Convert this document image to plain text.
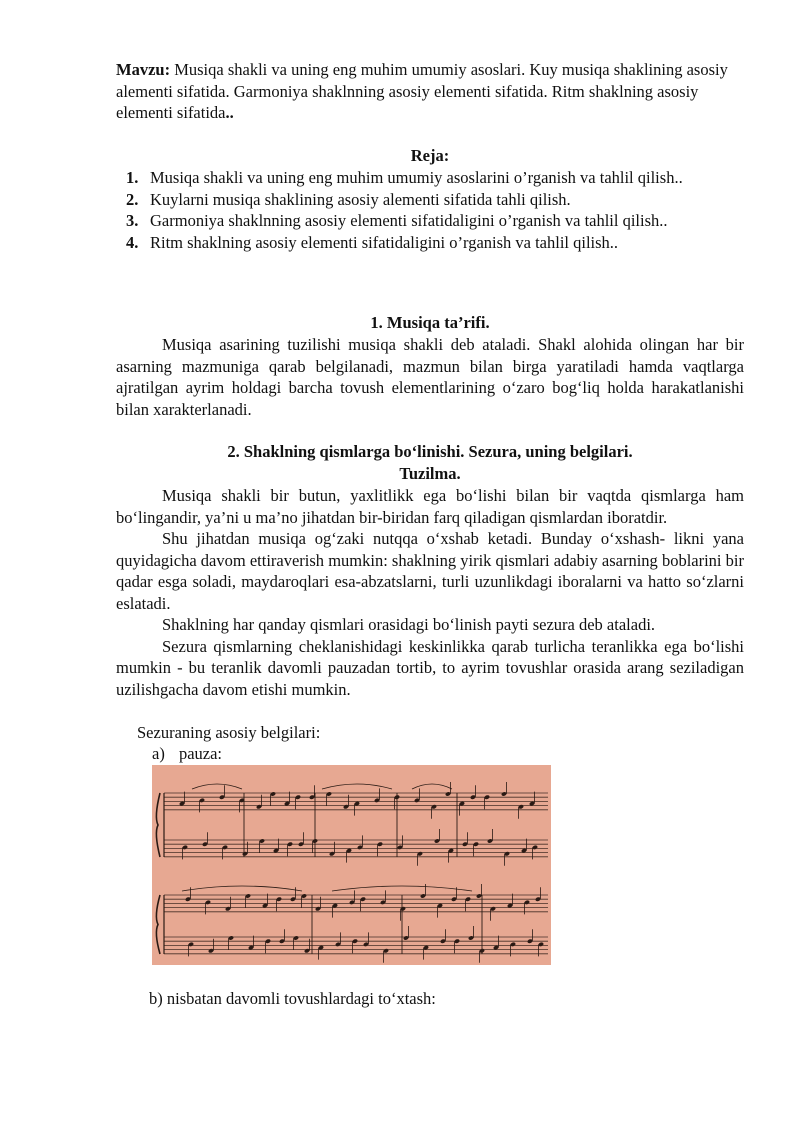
Mavzu: Musiqa shakli va uning eng muhim umumiy asoslari. Kuy musiqa shaklining asosiy alementi sifatida. Garmoniya shaklnning asosiy elementi sifatida. Ritm shaklning asosiy elementi sifatida..
Reja:
1. Musiqa shakli va uning eng muhim umumiy asoslarini o’rganish va tahlil qilish..
2. Kuylarni musiqa shaklining asosiy alementi sifatida tahli qilish.
3. Garmoniya shaklnning asosiy elementi sifatidaligini o’rganish va tahlil qilish..
4. Ritm shaklning asosiy elementi sifatidaligini o’rganish va tahlil qilish..
1. Musiqa ta’rifi.

Musiqa asarining tuzilishi musiqa shakli deb ataladi. Shakl alohida olingan har bir asarning mazmuniga qarab belgilanadi, mazmun bilan birga yaratiladi hamda vaqtlarga ajratilgan ayrim holdagi barcha tovush elementlarining o‘zaro bog‘liq holda harakatlanishi bilan xarakterlanadi.

2. Shaklning qismlarga bo‘linishi. Sezura, uning belgilari.
Tuzilma.

Musiqa shakli bir butun, yaxlitlikk ega bo‘lishi bilan bir vaqtda qismlarga ham bo‘lingandir, ya’ni u ma’no jihatdan bir-biridan farq qiladigan qismlardan iboratdir.

Shu jihatdan musiqa og‘zaki nutqqa o‘xshab ketadi. Bunday o‘xshash- likni yana quyidagicha davom ettiraverish mumkin: shaklning yirik qismlari adabiy asarning boblarini bir qadar esga soladi, maydaroqlari esa-abzatslarni, turli uzunlikdagi iboralarni va hatto so‘zlarni eslatadi.

Shaklning har qanday qismlari orasidagi bo‘linish payti sezura deb ataladi.

Sezura qismlarning cheklanishidagi keskinlikka qarab turlicha teranlikka ega bo‘lishi mumkin - bu teranlik davomli pauzadan tortib, to ayrim tovushlar orasida arang seziladigan uzilishgacha davom etishi mumkin.

Sezuraning asosiy belgilari:
a) pauza:
b) nisbatan davomli tovushlardagi to‘xtash:
